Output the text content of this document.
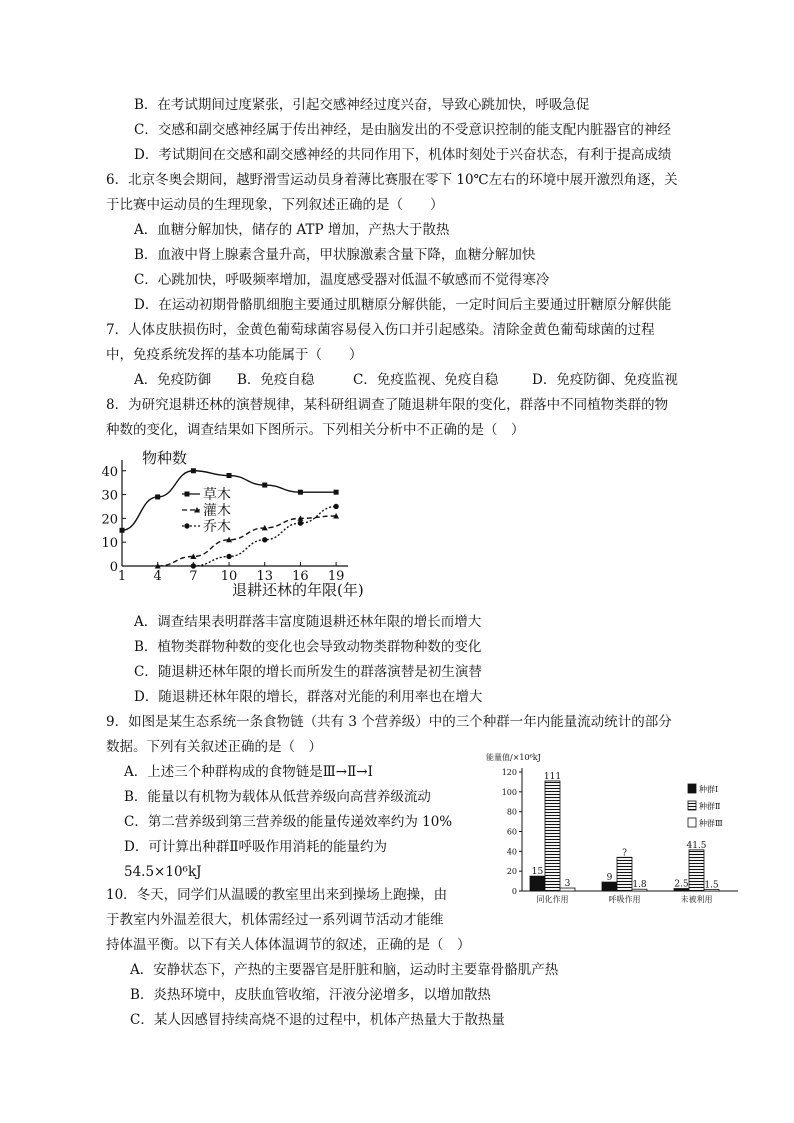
B．在考试期间过度紧张，引起交感神经过度兴奋，导致心跳加快，呼吸急促
C．交感和副交感神经属于传出神经，是由脑发出的不受意识控制的能支配内脏器官的神经
D．考试期间在交感和副交感神经的共同作用下，机体时刻处于兴奋状态，有利于提高成绩
6．北京冬奥会期间，越野滑雪运动员身着薄比赛服在零下 10℃左右的环境中展开激烈角逐，关
于比赛中运动员的生理现象，下列叙述正确的是（　　）
A．血糖分解加快，储存的 ATP 增加，产热大于散热
B．血液中肾上腺素含量升高，甲状腺激素含量下降，血糖分解加快
C．心跳加快，呼吸频率增加，温度感受器对低温不敏感而不觉得寒冷
D．在运动初期骨骼肌细胞主要通过肌糖原分解供能，一定时间后主要通过肝糖原分解供能
7．人体皮肤损伤时，金黄色葡萄球菌容易侵入伤口并引起感染。清除金黄色葡萄球菌的过程
中，免疫系统发挥的基本功能属于（　　）
A．免疫防御 B．免疫自稳	C．免疫监视、免疫自稳 D．免疫防御、免疫监视
8．为研究退耕还林的演替规律，某科研组调查了随退耕年限的变化，群落中不同植物类群的物
种数的变化，调查结果如下图所示。下列相关分析中不正确的是（　）
0
10
20
30
40
1 4 7 10 13 16 19
草木
灌木
乔木
物种数
退耕还林的年限(年)
A．调查结果表明群落丰富度随退耕还林年限的增长而增大
B．植物类群物种数的变化也会导致动物类群物种数的变化
C．随退耕还林年限的增长而所发生的群落演替是初生演替
D．随退耕还林年限的增长，群落对光能的利用率也在增大
9．如图是某生态系统一条食物链（共有 3 个营养级）中的三个种群一年内能量流动统计的部分
数据。下列有关叙述正确的是（　）
A．上述三个种群构成的食物链是Ⅲ→Ⅱ→Ⅰ
B．能量以有机物为载体从低营养级向高营养级流动
C．第二营养级到第三营养级的能量传递效率约为 10%
D．可计算出种群Ⅱ呼吸作用消耗的能量约为
54.5×10⁶kJ
0
20
40
60
80
100
120
15
111
3
同化作用
9
?
1.8
呼吸作用
2.5
41.5
1.5
未被利用
种群Ⅰ
种群Ⅱ
种群Ⅲ
能量值/×10⁶kJ
10．冬天，同学们从温暖的教室里出来到操场上跑操，由
于教室内外温差很大，机体需经过一系列调节活动才能维
持体温平衡。以下有关人体体温调节的叙述，正确的是（　）
A．安静状态下，产热的主要器官是肝脏和脑，运动时主要靠骨骼肌产热
B．炎热环境中，皮肤血管收缩，汗液分泌增多，以增加散热
C．某人因感冒持续高烧不退的过程中，机体产热量大于散热量
